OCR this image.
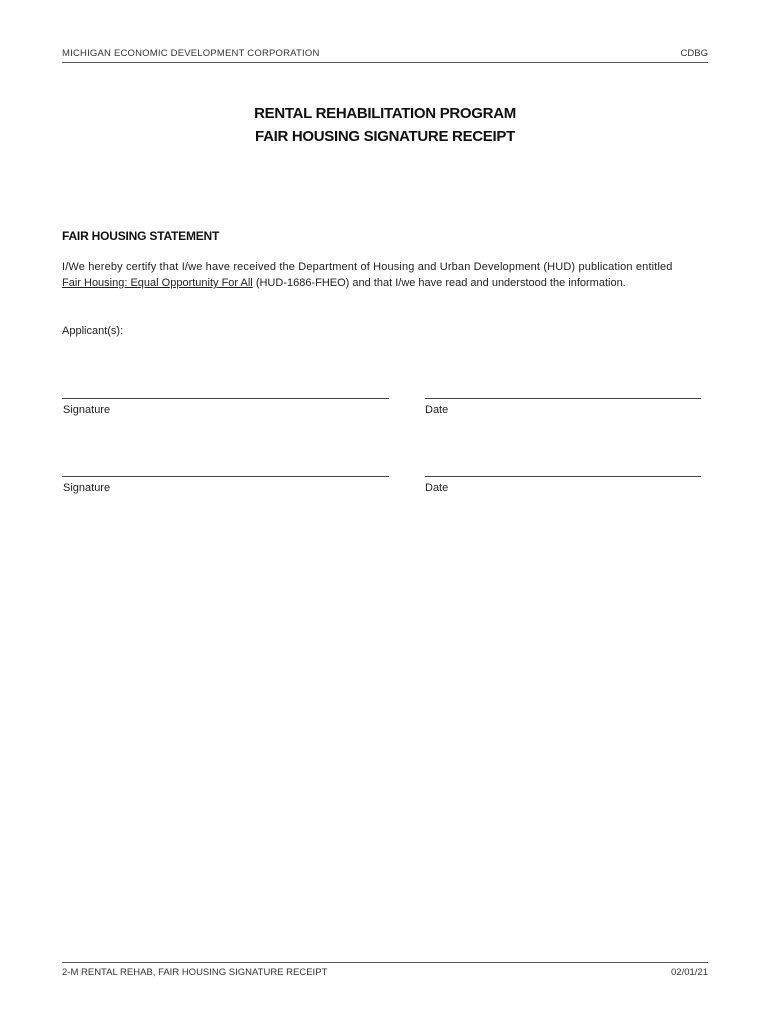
MICHIGAN ECONOMIC DEVELOPMENT CORPORATION	CDBG
RENTAL REHABILITATION PROGRAM
FAIR HOUSING SIGNATURE RECEIPT
FAIR HOUSING STATEMENT
I/We hereby certify that I/we have received the Department of Housing and Urban Development (HUD) publication entitled
Fair Housing: Equal Opportunity For All (HUD-1686-FHEO) and that I/we have read and understood the information.
Applicant(s):
Signature	Date
Signature	Date
2-M RENTAL REHAB, FAIR HOUSING SIGNATURE RECEIPT	02/01/21
